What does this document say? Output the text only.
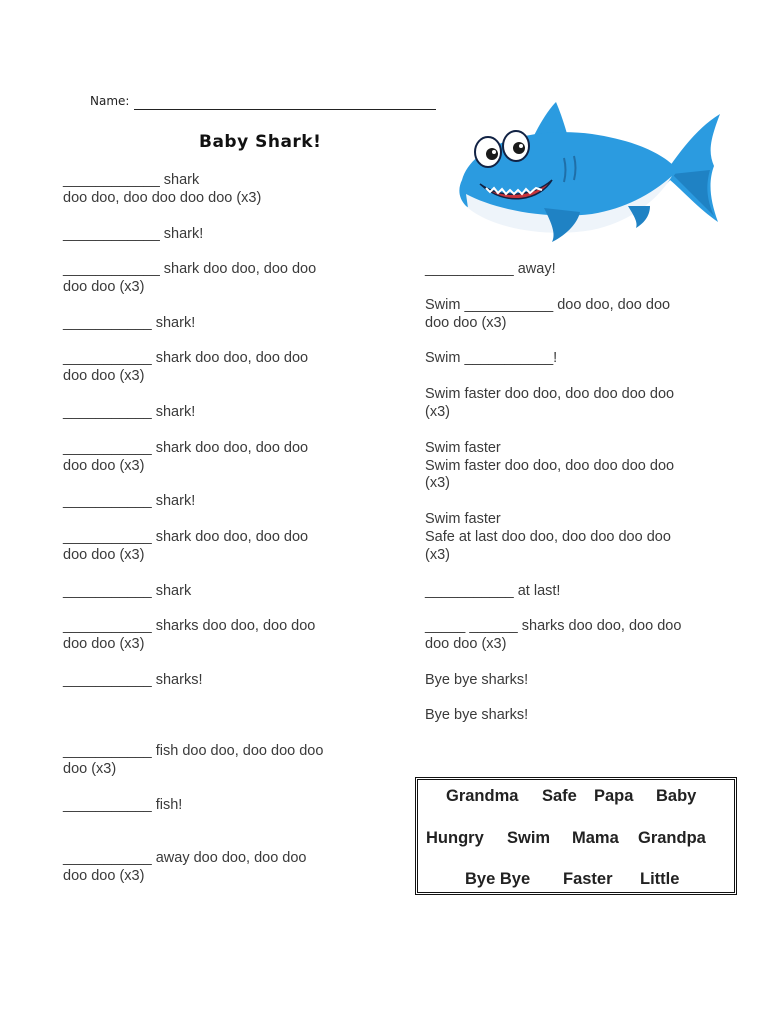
Name:
Baby Shark!
____________ shark
doo doo, doo doo doo doo (x3)
____________ shark!
____________ shark doo doo, doo doo
doo doo (x3)
___________ shark!
___________ shark doo doo, doo doo
doo doo (x3)
___________ shark!
___________ shark doo doo, doo doo
doo doo (x3)
___________ shark!
___________ shark doo doo, doo doo
doo doo (x3)
___________ shark
___________ sharks doo doo, doo doo
doo doo (x3)
___________ sharks!
___________ fish doo doo, doo doo doo
doo (x3)
___________ fish!
___________ away doo doo, doo doo
doo doo (x3)
___________ away!
Swim ___________ doo doo, doo doo
doo doo (x3)
Swim ___________!
Swim faster doo doo, doo doo doo doo
(x3)
Swim faster
Swim faster doo doo, doo doo doo doo
(x3)
Swim faster
Safe at last doo doo, doo doo doo doo
(x3)
___________ at last!
_____ ______ sharks doo doo, doo doo
doo doo (x3)
Bye bye sharks!
Bye bye sharks!
Grandma Safe Papa Baby
Hungry Swim Mama Grandpa
Bye Bye Faster Little
